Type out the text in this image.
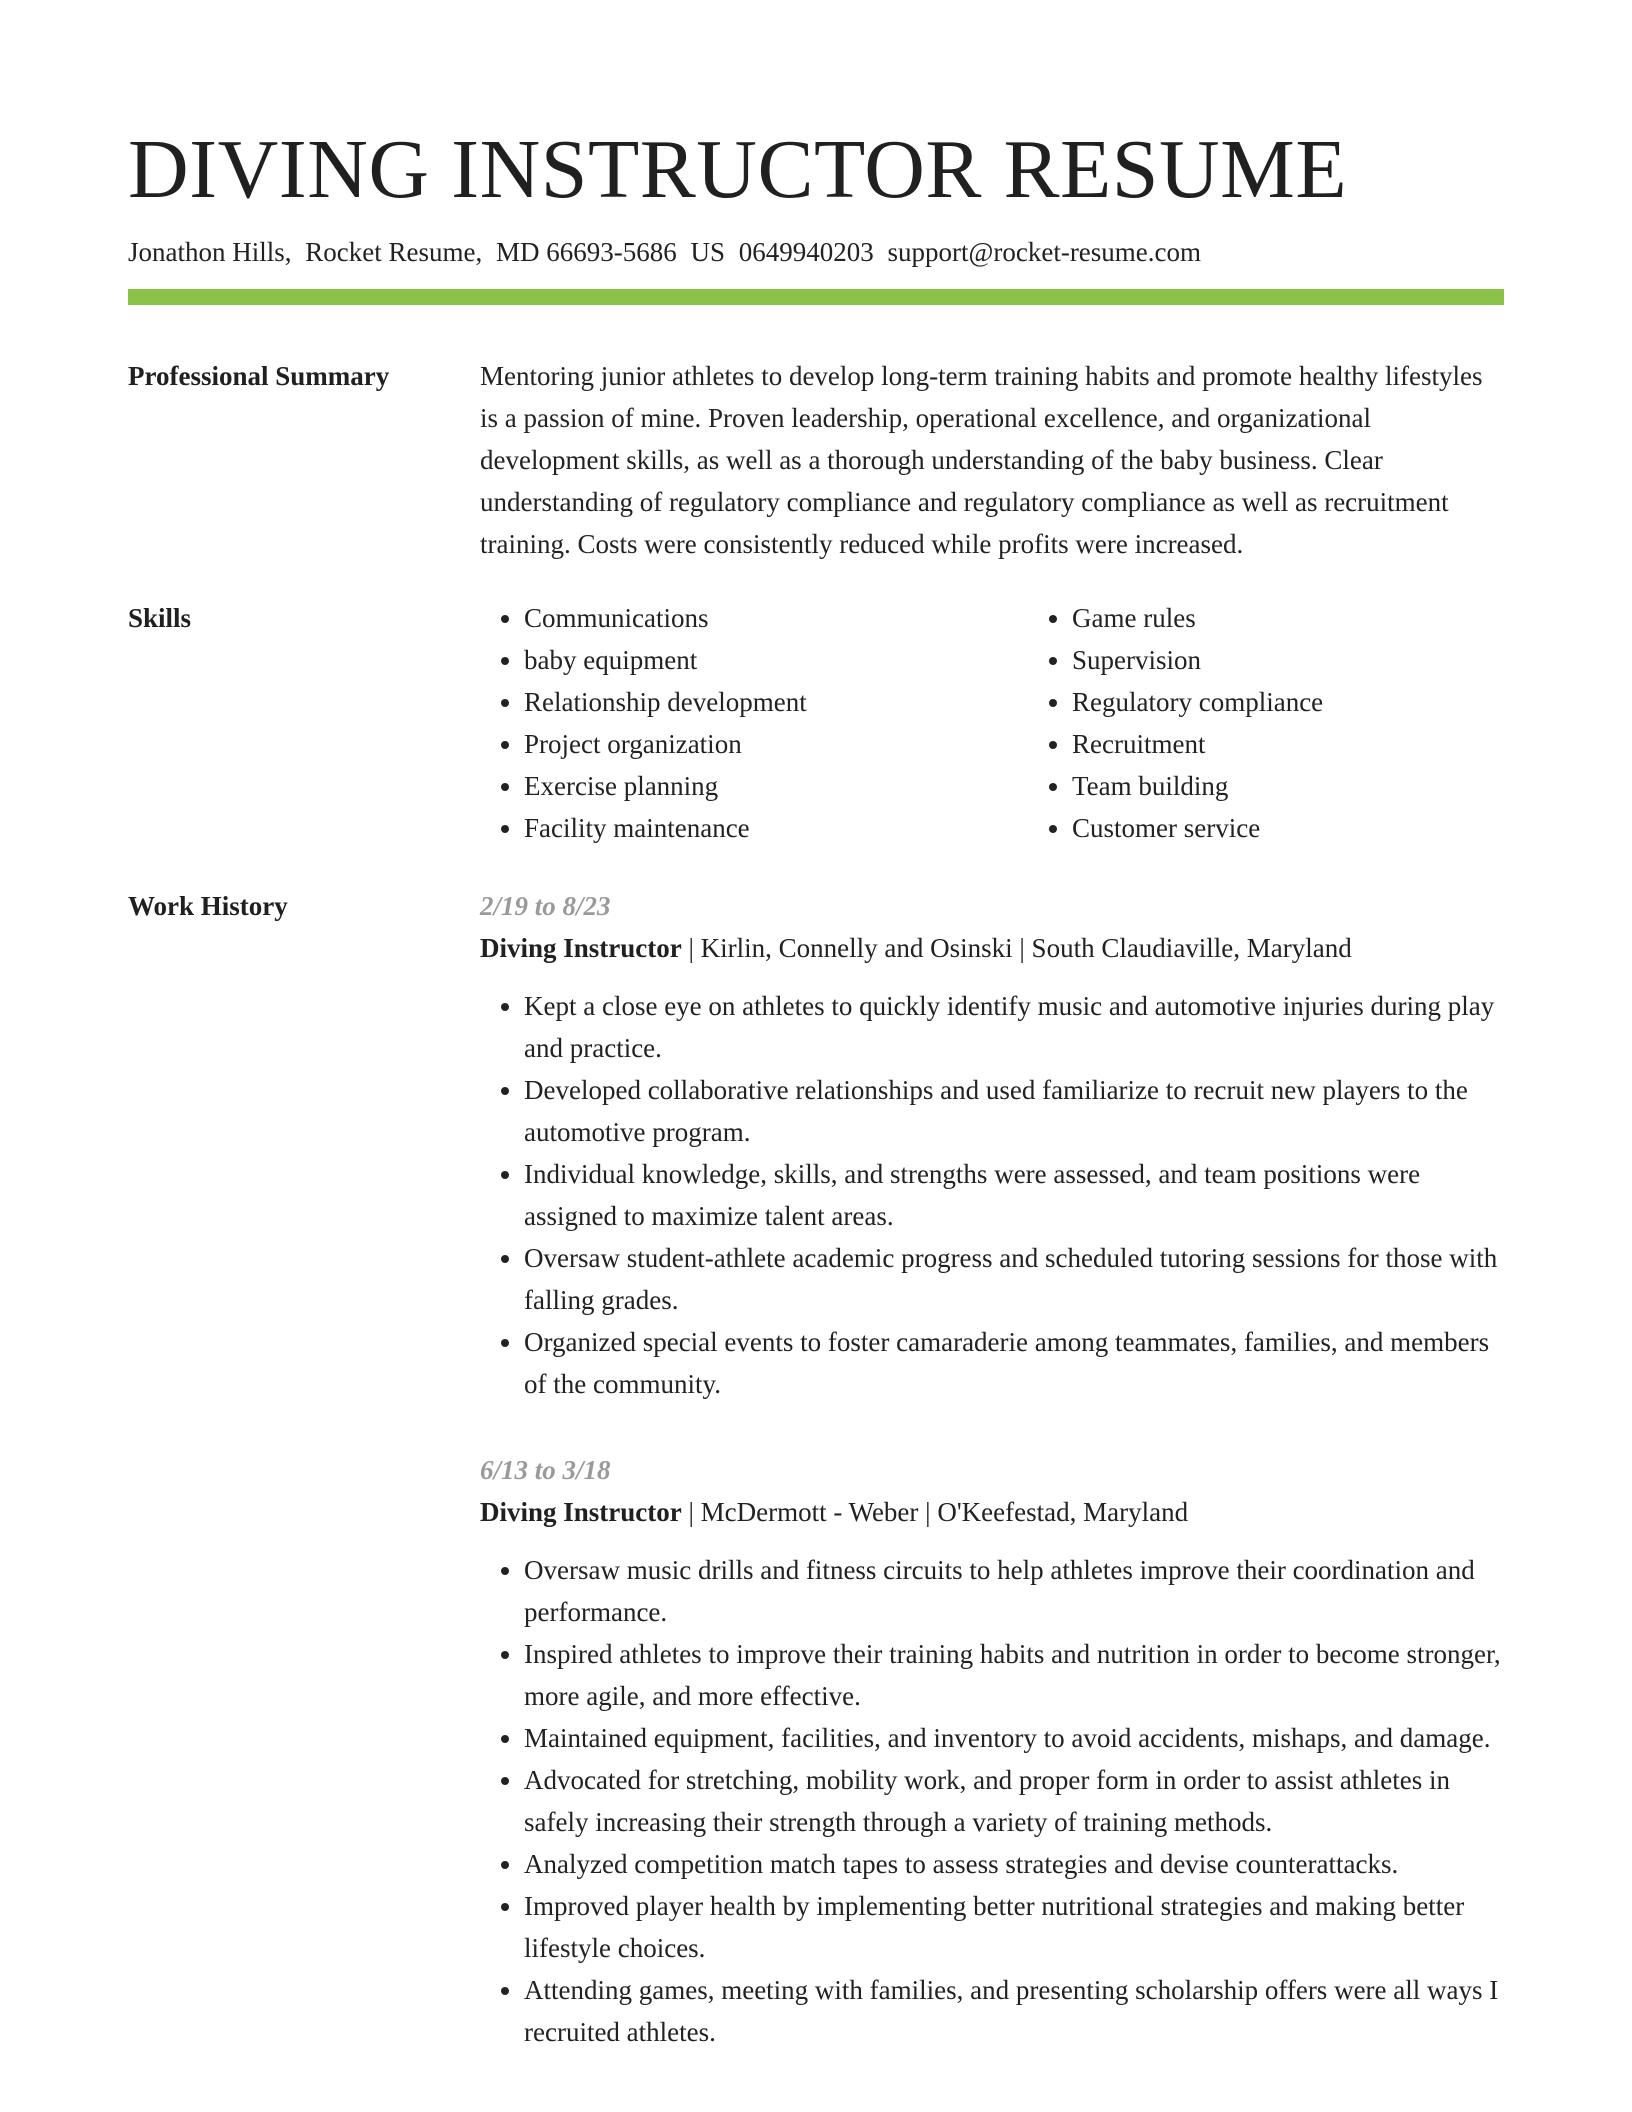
DIVING INSTRUCTOR RESUME
Jonathon Hills, Rocket Resume, MD 66693-5686 US 0649940203 support@rocket-resume.com
Professional Summary	Mentoring junior athletes to develop long-term training habits and promote healthy lifestyles is a passion of mine. Proven leadership, operational excellence, and organizational development skills, as well as a thorough understanding of the baby business. Clear understanding of regulatory compliance and regulatory compliance as well as recruitment training. Costs were consistently reduced while profits were increased.

Skills
•	Communications
• baby equipment
• Relationship development
• Project organization
• Exercise planning
• Facility maintenance
• Game rules
• Supervision
• Regulatory compliance
• Recruitment
• Team building
• Customer service
Work History	2/19 to 8/23
Diving Instructor | Kirlin, Connelly and Osinski | South Claudiaville, Maryland
• Kept a close eye on athletes to quickly identify music and automotive injuries during play and practice.
• Developed collaborative relationships and used familiarize to recruit new players to the automotive program.
• Individual knowledge, skills, and strengths were assessed, and team positions were assigned to maximize talent areas.
• Oversaw student-athlete academic progress and scheduled tutoring sessions for those with falling grades.
• Organized special events to foster camaraderie among teammates, families, and members of the community.
6/13 to 3/18
Diving Instructor | McDermott - Weber | O'Keefestad, Maryland
• Oversaw music drills and fitness circuits to help athletes improve their coordination and performance.
• Inspired athletes to improve their training habits and nutrition in order to become stronger, more agile, and more effective.
• Maintained equipment, facilities, and inventory to avoid accidents, mishaps, and damage.
• Advocated for stretching, mobility work, and proper form in order to assist athletes in safely increasing their strength through a variety of training methods.
• Analyzed competition match tapes to assess strategies and devise counterattacks.
• Improved player health by implementing better nutritional strategies and making better lifestyle choices.
• Attending games, meeting with families, and presenting scholarship offers were all ways I recruited athletes.
